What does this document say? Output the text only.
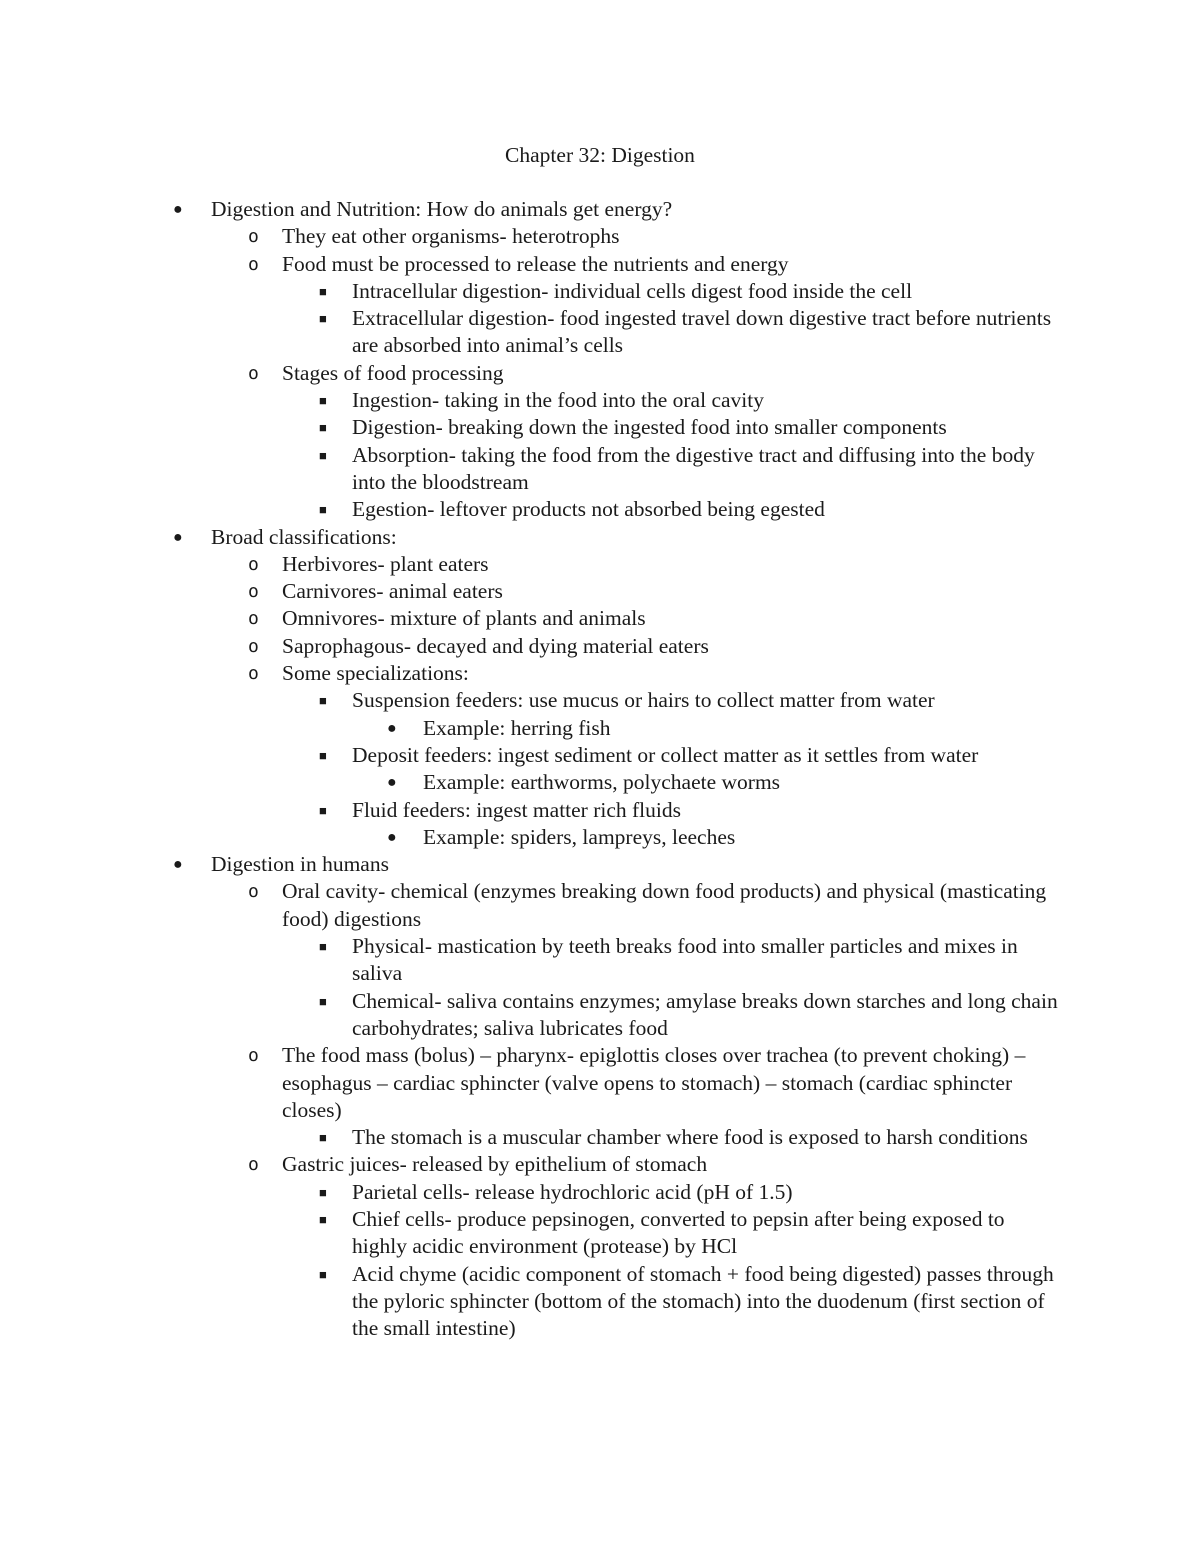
Chapter 32: Digestion
● Digestion and Nutrition: How do animals get energy?
o They eat other organisms- heterotrophs
o Food must be processed to release the nutrients and energy
■ Intracellular digestion- individual cells digest food inside the cell
■ Extracellular digestion- food ingested travel down digestive tract before nutrients are absorbed into animal’s cells
o Stages of food processing
■ Ingestion- taking in the food into the oral cavity
■ Digestion- breaking down the ingested food into smaller components
■ Absorption- taking the food from the digestive tract and diffusing into the body into the bloodstream
■ Egestion- leftover products not absorbed being egested
● Broad classifications:
o Herbivores- plant eaters
o Carnivores- animal eaters
o Omnivores- mixture of plants and animals
o Saprophagous- decayed and dying material eaters
o Some specializations:
■ Suspension feeders: use mucus or hairs to collect matter from water
● Example: herring fish
■ Deposit feeders: ingest sediment or collect matter as it settles from water
● Example: earthworms, polychaete worms
■ Fluid feeders: ingest matter rich fluids
● Example: spiders, lampreys, leeches
● Digestion in humans
o Oral cavity- chemical (enzymes breaking down food products) and physical (masticating food) digestions
■ Physical- mastication by teeth breaks food into smaller particles and mixes in saliva
■ Chemical- saliva contains enzymes; amylase breaks down starches and long chain carbohydrates; saliva lubricates food
o The food mass (bolus) – pharynx- epiglottis closes over trachea (to prevent choking) – esophagus – cardiac sphincter (valve opens to stomach) – stomach (cardiac sphincter closes)
■ The stomach is a muscular chamber where food is exposed to harsh conditions
o Gastric juices- released by epithelium of stomach
■ Parietal cells- release hydrochloric acid (pH of 1.5)
■ Chief cells- produce pepsinogen, converted to pepsin after being exposed to highly acidic environment (protease) by HCl
■ Acid chyme (acidic component of stomach + food being digested) passes through the pyloric sphincter (bottom of the stomach) into the duodenum (first section of the small intestine)
